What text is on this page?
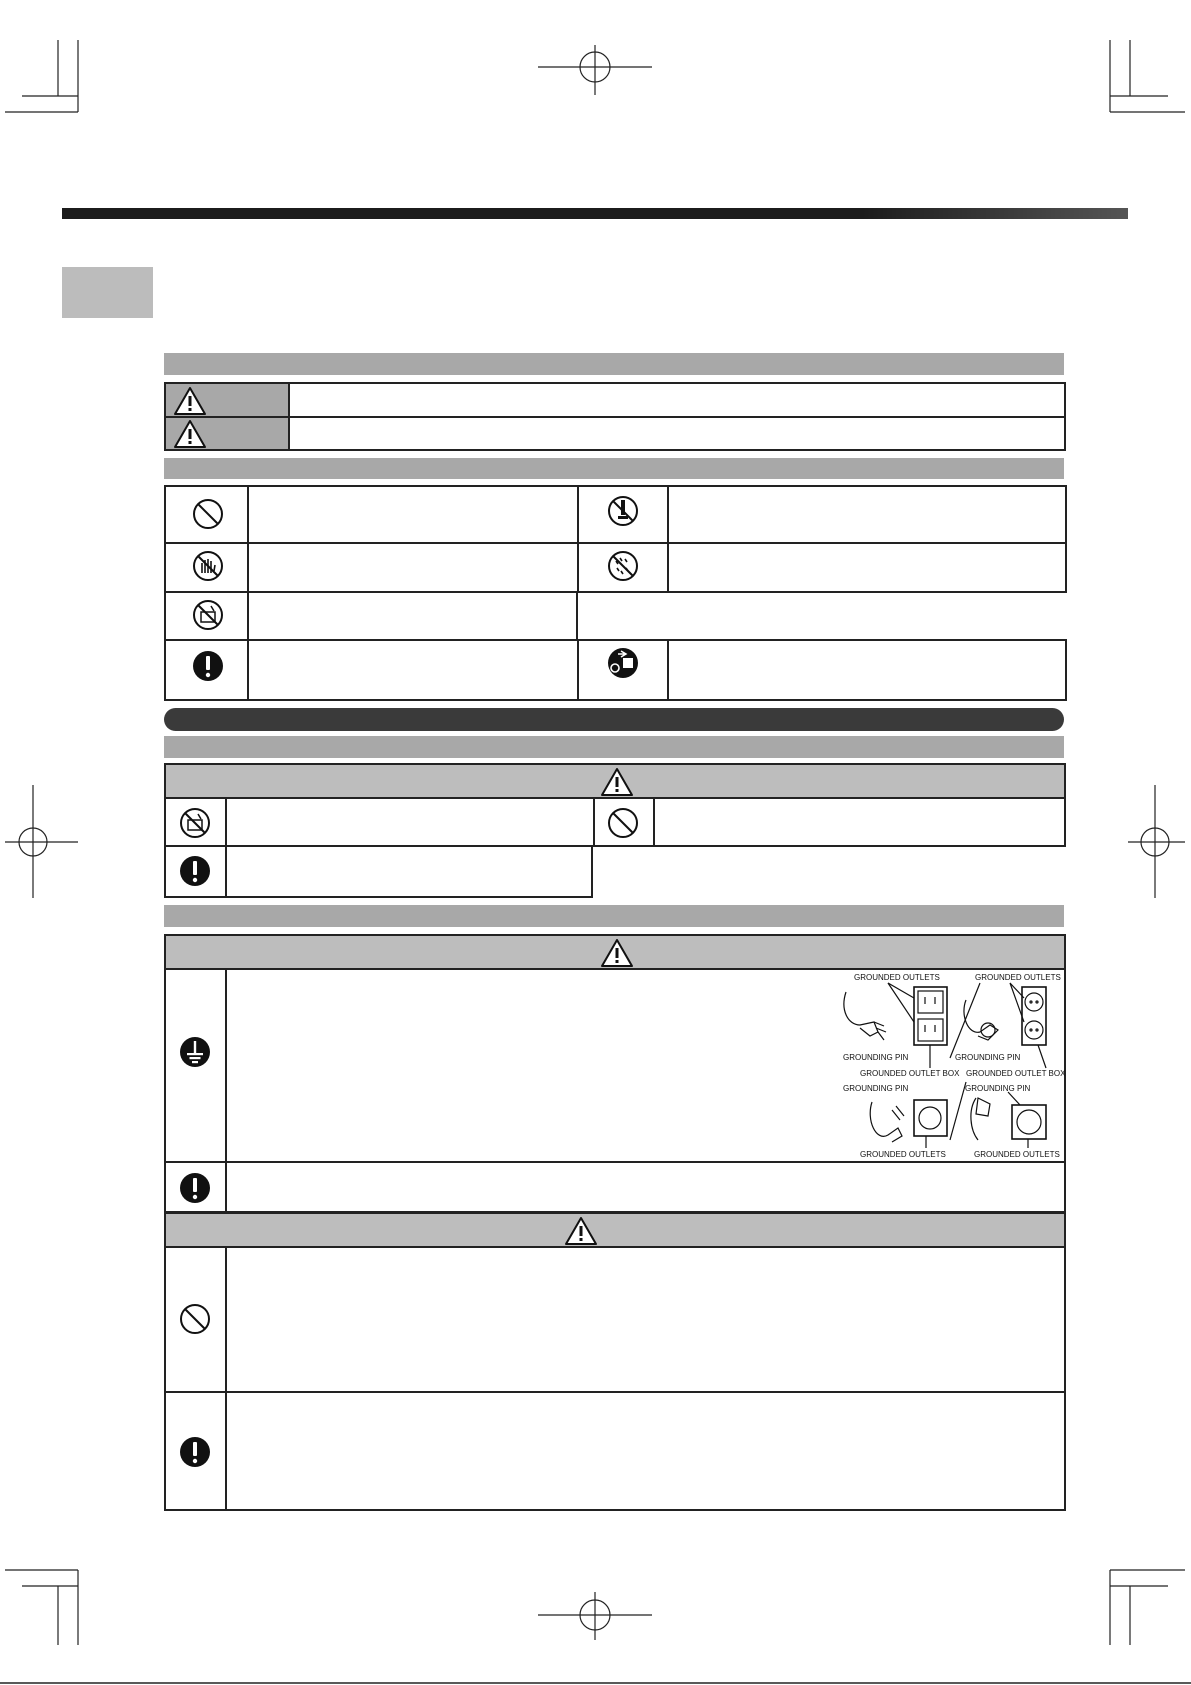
GROUNDED OUTLETS	GROUNDED OUTLETS
GROUNDING PIN	GROUNDING PIN
GROUNDED OUTLET BOX GROUNDED OUTLET BOX
GROUNDING PIN	GROUNDING PIN
GROUNDED OUTLETS	GROUNDED OUTLETS
